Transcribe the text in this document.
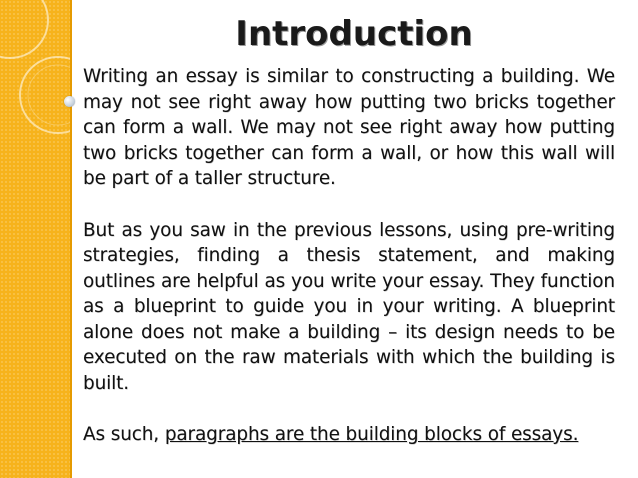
Introduction

Writing an essay is similar to constructing a building. We may not see right away how putting two bricks together can form a wall. We may not see right away how putting two bricks together can form a wall, or how this wall will be part of a taller structure.

But as you saw in the previous lessons, using pre-writing strategies, finding a thesis statement, and making outlines are helpful as you write your essay. They function as a blueprint to guide you in your writing. A blueprint alone does not make a building – its design needs to be executed on the raw materials with which the building is built.

As such, paragraphs are the building blocks of essays.
